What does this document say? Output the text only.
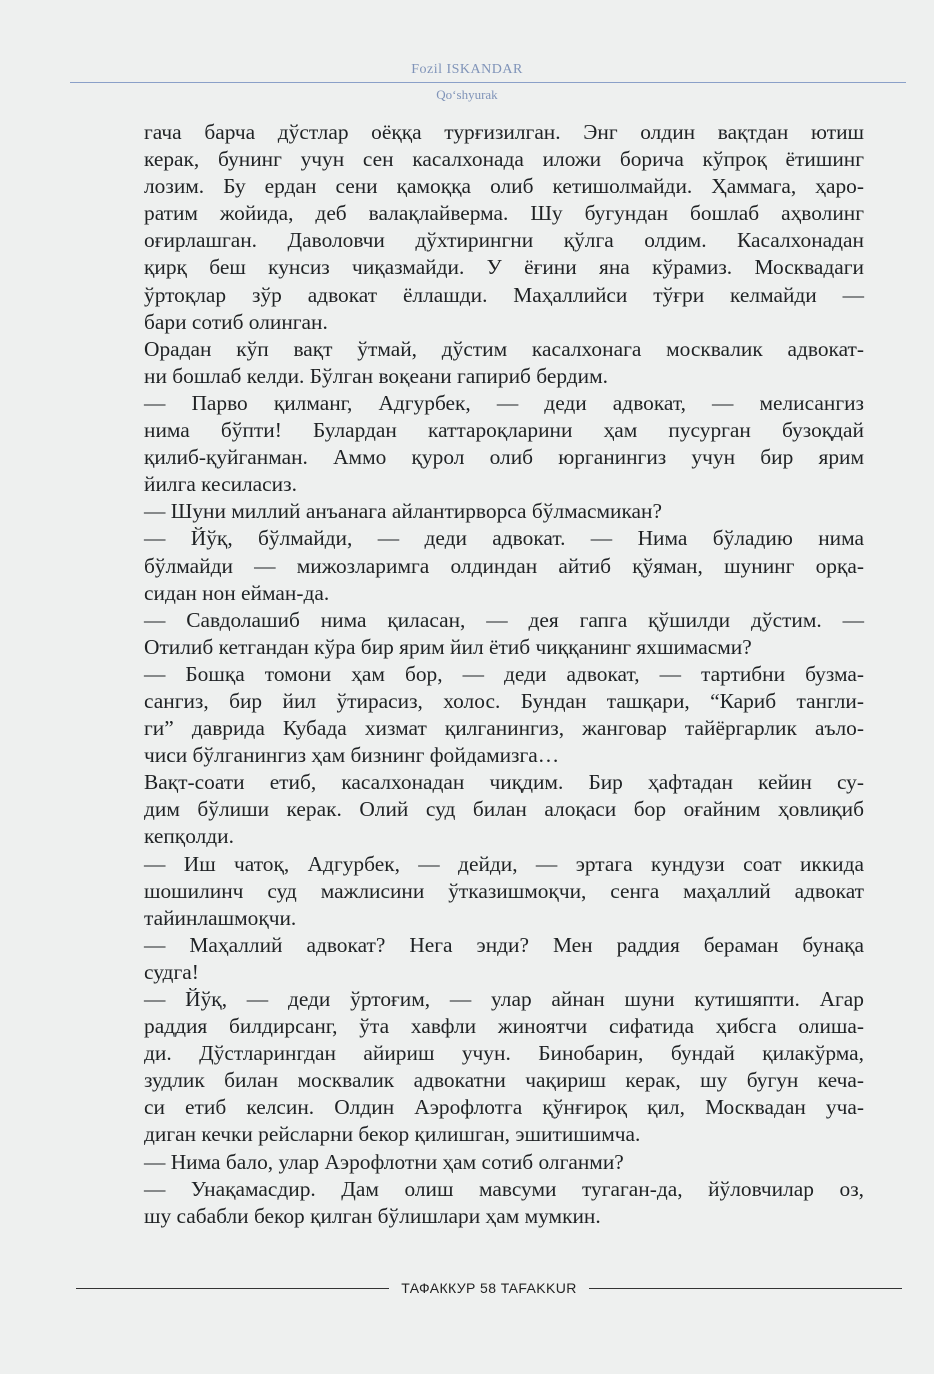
Fozil ISKANDAR
Qo‘shyurak
гача барча дўстлар оёққа турғизилган. Энг олдин вақтдан ютиш
керак, бунинг учун сен касалхонада иложи борича кўпроқ ётишинг
лозим. Бу ердан сени қамоққа олиб кетишолмайди. Ҳаммага, ҳаро-
ратим жойида, деб валақлайверма. Шу бугундан бошлаб аҳволинг
оғирлашган. Даволовчи дўхтирингни қўлга олдим. Касалхонадан
қирқ беш кунсиз чиқазмайди. У ёғини яна кўрамиз. Москвадаги
ўртоқлар зўр адвокат ёллашди. Маҳаллийси тўғри келмайди —
бари сотиб олинган.
Орадан кўп вақт ўтмай, дўстим касалхонага москвалик адвокат-
ни бошлаб келди. Бўлган воқеани гапириб бердим.
— Парво қилманг, Адгурбек, — деди адвокат, — мелисангиз
нима бўпти! Булардан каттароқларини ҳам пусурган бузоқдай
қилиб-қуйганман. Аммо қурол олиб юрганингиз учун бир ярим
йилга кесиласиз.
— Шуни миллий анъанага айлантирворса бўлмасмикан?
— Йўқ, бўлмайди, — деди адвокат. — Нима бўладию нима
бўлмайди — мижозларимга олдиндан айтиб қўяман, шунинг орқа-
сидан нон ейман-да.
— Савдолашиб нима қиласан, — дея гапга қўшилди дўстим. —
Отилиб кетгандан кўра бир ярим йил ётиб чиққанинг яхшимасми?
— Бошқа томони ҳам бор, — деди адвокат, — тартибни бузма-
сангиз, бир йил ўтирасиз, холос. Бундан ташқари, “Кариб тангли-
ги” даврида Кубада хизмат қилганингиз, жанговар тайёргарлик аъло-
чиси бўлганингиз ҳам бизнинг фойдамизга…
Вақт-соати етиб, касалхонадан чиқдим. Бир ҳафтадан кейин су-
дим бўлиши керак. Олий суд билан алоқаси бор оғайним ҳовлиқиб
кепқолди.
— Иш чатоқ, Адгурбек, — дейди, — эртага кундузи соат иккида
шошилинч суд мажлисини ўтказишмоқчи, сенга маҳаллий адвокат
тайинлашмоқчи.
— Маҳаллий адвокат? Нега энди? Мен раддия бераман бунақа
судга!
— Йўқ, — деди ўртоғим, — улар айнан шуни кутишяпти. Агар
раддия билдирсанг, ўта хавфли жиноятчи сифатида ҳибсга олиша-
ди. Дўстларингдан айириш учун. Бинобарин, бундай қилакўрма,
зудлик билан москвалик адвокатни чақириш керак, шу бугун кеча-
си етиб келсин. Олдин Аэрофлотга қўнғироқ қил, Москвадан уча-
диган кечки рейсларни бекор қилишган, эшитишимча.
— Нима бало, улар Аэрофлотни ҳам сотиб олганми?
— Унақамасдир. Дам олиш мавсуми тугаган-да, йўловчилар оз,
шу сабабли бекор қилган бўлишлари ҳам мумкин.
ТАФАККУР 58 TAFAKKUR
